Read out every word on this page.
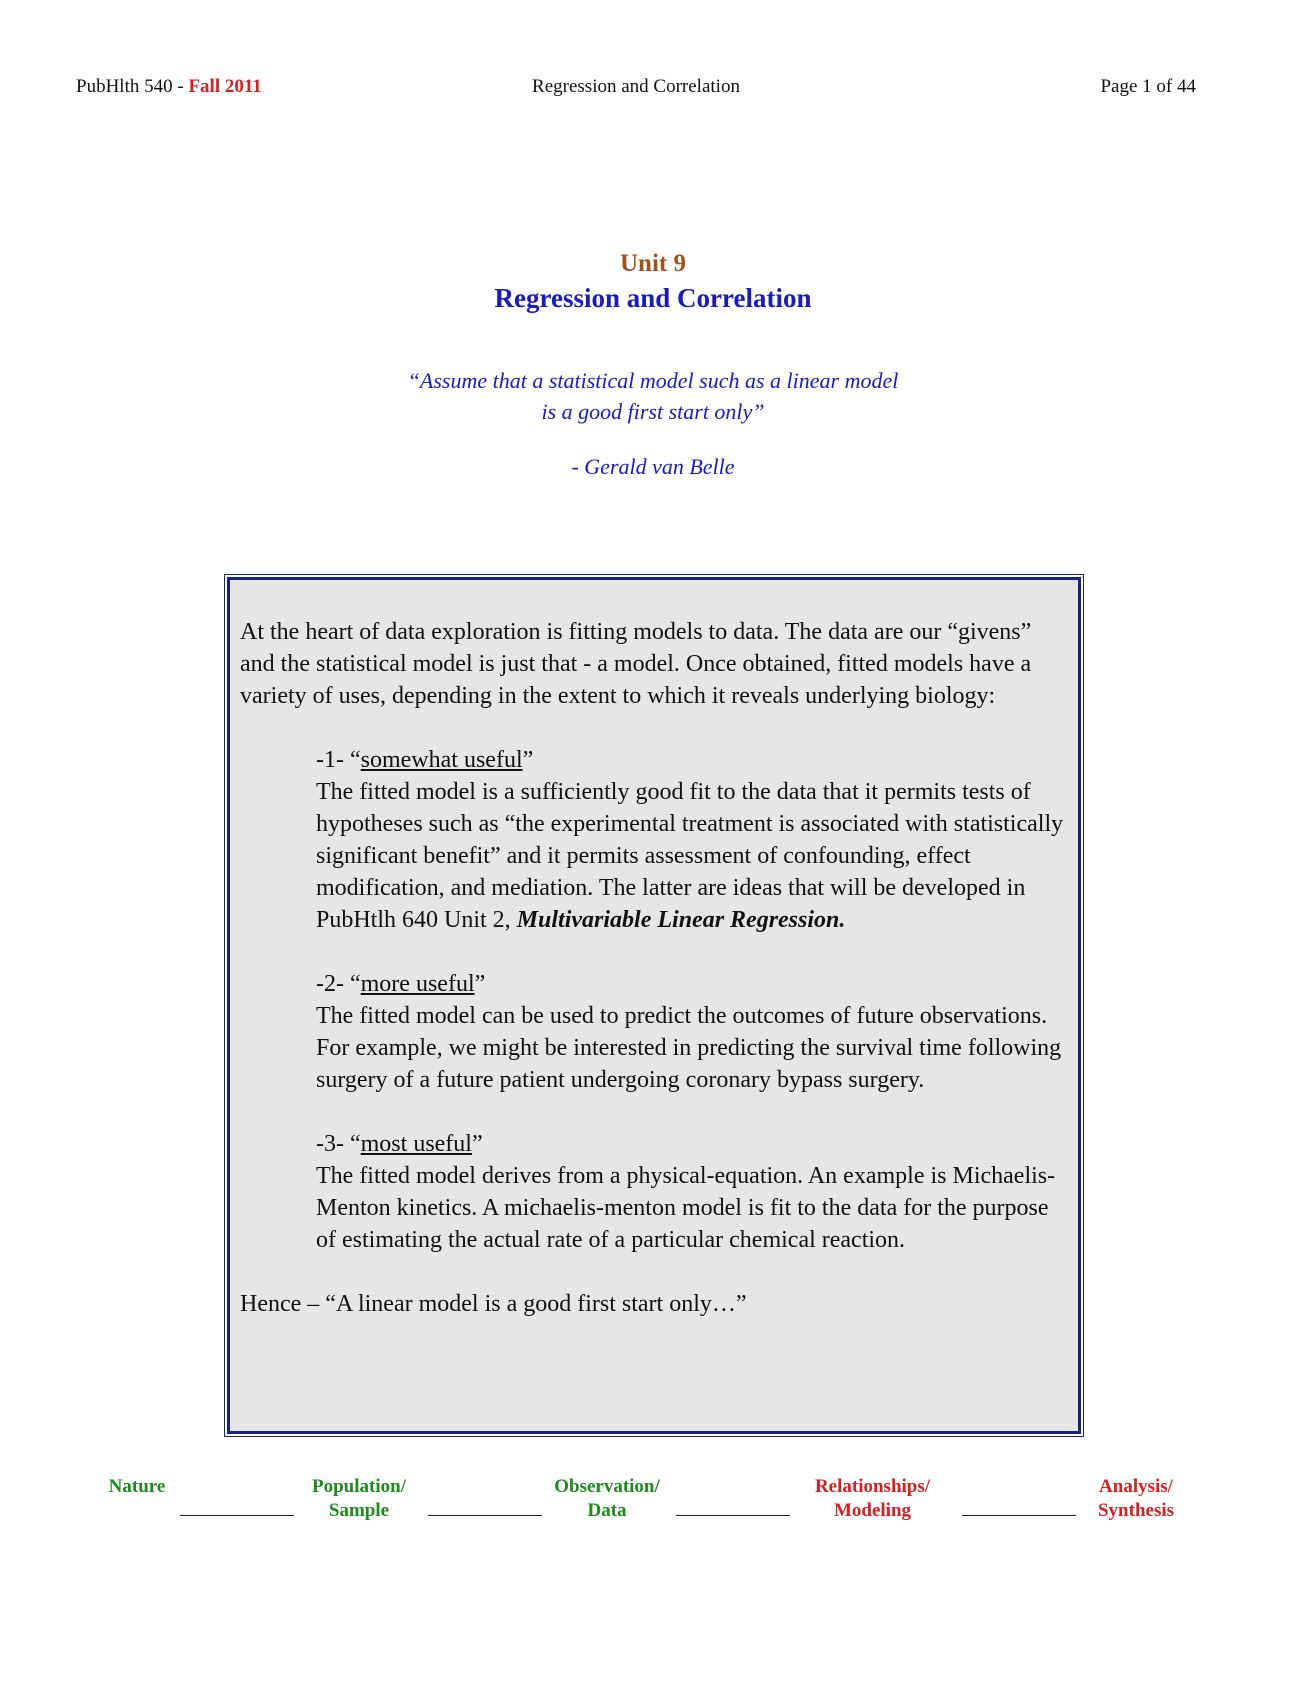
PubHlth 540 - Fall 2011	Regression and Correlation	Page 1 of 44
Unit 9
Regression and Correlation
“Assume that a statistical model such as a linear model
is a good first start only”
- Gerald van Belle

At the heart of data exploration is fitting models to data. The data are our “givens” and the statistical model is just that - a model. Once obtained, fitted models have a variety of uses, depending in the extent to which it reveals underlying biology:

-1- “somewhat useful”
The fitted model is a sufficiently good fit to the data that it permits tests of hypotheses such as “the experimental treatment is associated with statistically significant benefit” and it permits assessment of confounding, effect modification, and mediation. The latter are ideas that will be developed in PubHtlh 640 Unit 2, Multivariable Linear Regression.
-2- “more useful”
The fitted model can be used to predict the outcomes of future observations. For example, we might be interested in predicting the survival time following surgery of a future patient undergoing coronary bypass surgery.
-3- “most useful”
The fitted model derives from a physical-equation. An example is Michaelis-Menton kinetics. A michaelis-menton model is fit to the data for the purpose of estimating the actual rate of a particular chemical reaction.

Hence – “A linear model is a good first start only…”

Nature	Population/
Sample
Observation/
Data
Relationships/
Modeling
Analysis/
Synthesis
